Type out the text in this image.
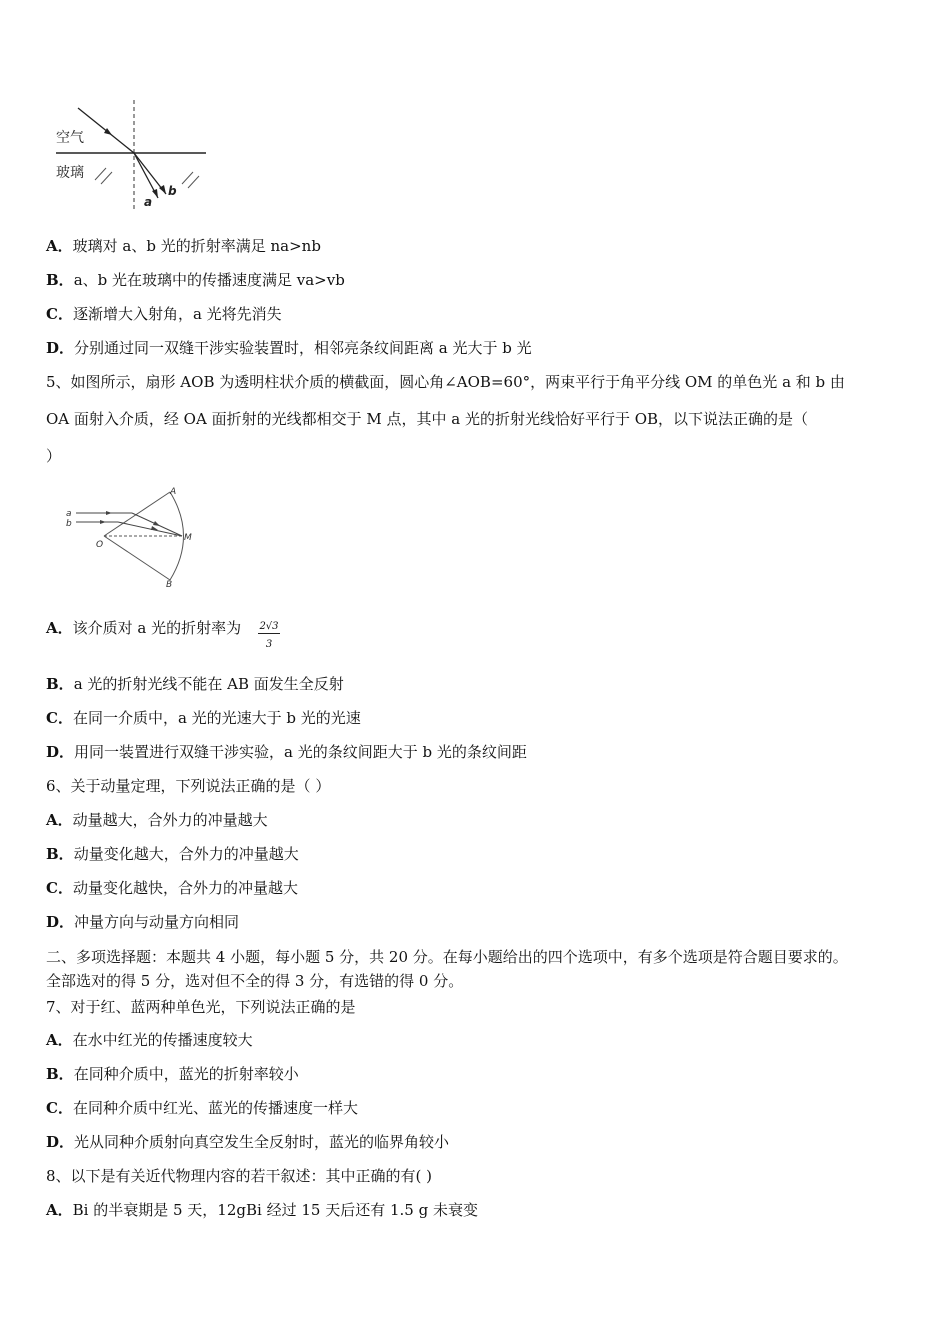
空气
玻璃
a
b
A．玻璃对 a、b 光的折射率满足 na>nb
B．a、b 光在玻璃中的传播速度满足 va>vb
C．逐渐增大入射角，a 光将先消失
D．分别通过同一双缝干涉实验装置时，相邻亮条纹间距离 a 光大于 b 光
5、如图所示，扇形 AOB 为透明柱状介质的横截面，圆心角∠AOB=60°，两束平行于角平分线 OM 的单色光 a 和 b 由
OA 面射入介质，经 OA 面折射的光线都相交于 M 点，其中 a 光的折射光线恰好平行于 OB，以下说法正确的是（
）
a
b
A
B
O
M
A．该介质对 a 光的折射率为 $\frac{2√3}{3}$
B．a 光的折射光线不能在 AB 面发生全反射
C．在同一介质中，a 光的光速大于 b 光的光速
D．用同一装置进行双缝干涉实验，a 光的条纹间距大于 b 光的条纹间距
6、关于动量定理，下列说法正确的是（ ）
A．动量越大，合外力的冲量越大
B．动量变化越大，合外力的冲量越大
C．动量变化越快，合外力的冲量越大
D．冲量方向与动量方向相同
二、多项选择题：本题共 4 小题，每小题 5 分，共 20 分。在每小题给出的四个选项中，有多个选项是符合题目要求的。
全部选对的得 5 分，选对但不全的得 3 分，有选错的得 0 分。
7、对于红、蓝两种单色光，下列说法正确的是
A．在水中红光的传播速度较大
B．在同种介质中，蓝光的折射率较小
C．在同种介质中红光、蓝光的传播速度一样大
D．光从同种介质射向真空发生全反射时，蓝光的临界角较小
8、以下是有关近代物理内容的若干叙述：其中正确的有( )
A．Bi 的半衰期是 5 天，12gBi 经过 15 天后还有 1.5 g 未衰变
